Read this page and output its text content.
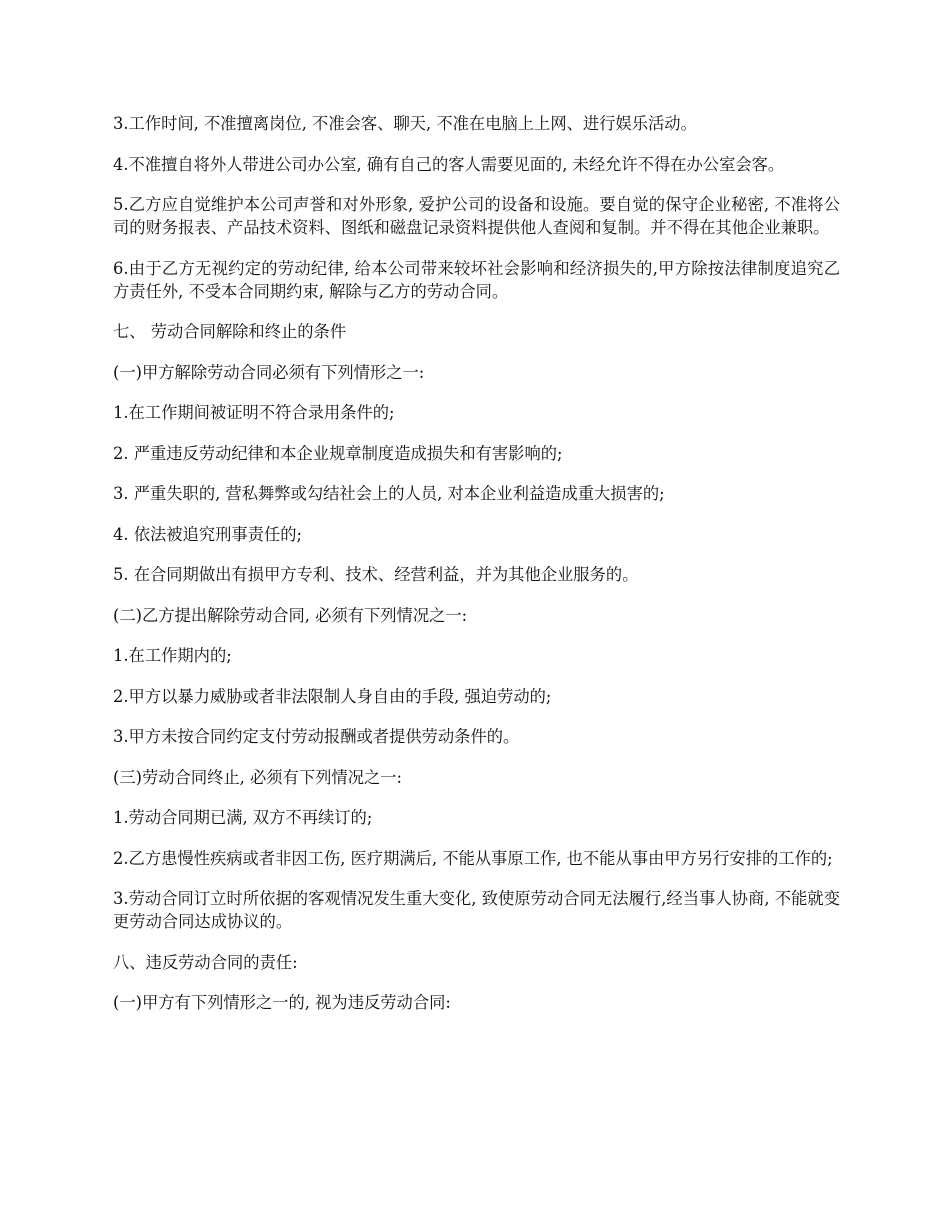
3.工作时间, 不准擅离岗位, 不准会客、聊天, 不准在电脑上上网、进行娱乐活动。

4.不准擅自将外人带进公司办公室, 确有自己的客人需要见面的, 未经允许不得在办公室会客。

5.乙方应自觉维护本公司声誉和对外形象, 爱护公司的设备和设施。要自觉的保守企业秘密, 不准将公司的财务报表、产品技术资料、图纸和磁盘记录资料提供他人查阅和复制。并不得在其他企业兼职。

6.由于乙方无视约定的劳动纪律, 给本公司带来较坏社会影响和经济损失的,甲方除按法律制度追究乙方责任外, 不受本合同期约束, 解除与乙方的劳动合同。

七、 劳动合同解除和终止的条件

(一)甲方解除劳动合同必须有下列情形之一:

1.在工作期间被证明不符合录用条件的;

2. 严重违反劳动纪律和本企业规章制度造成损失和有害影响的;

3. 严重失职的, 营私舞弊或勾结社会上的人员, 对本企业利益造成重大损害的;

4. 依法被追究刑事责任的;

5. 在合同期做出有损甲方专利、技术、经营利益，并为其他企业服务的。

(二)乙方提出解除劳动合同, 必须有下列情况之一:

1.在工作期内的;

2.甲方以暴力威胁或者非法限制人身自由的手段, 强迫劳动的;

3.甲方未按合同约定支付劳动报酬或者提供劳动条件的。

(三)劳动合同终止, 必须有下列情况之一:

1.劳动合同期已满, 双方不再续订的;

2.乙方患慢性疾病或者非因工伤, 医疗期满后, 不能从事原工作, 也不能从事由甲方另行安排的工作的;

3.劳动合同订立时所依据的客观情况发生重大变化, 致使原劳动合同无法履行,经当事人协商, 不能就变更劳动合同达成协议的。

八、违反劳动合同的责任:

(一)甲方有下列情形之一的, 视为违反劳动合同:
